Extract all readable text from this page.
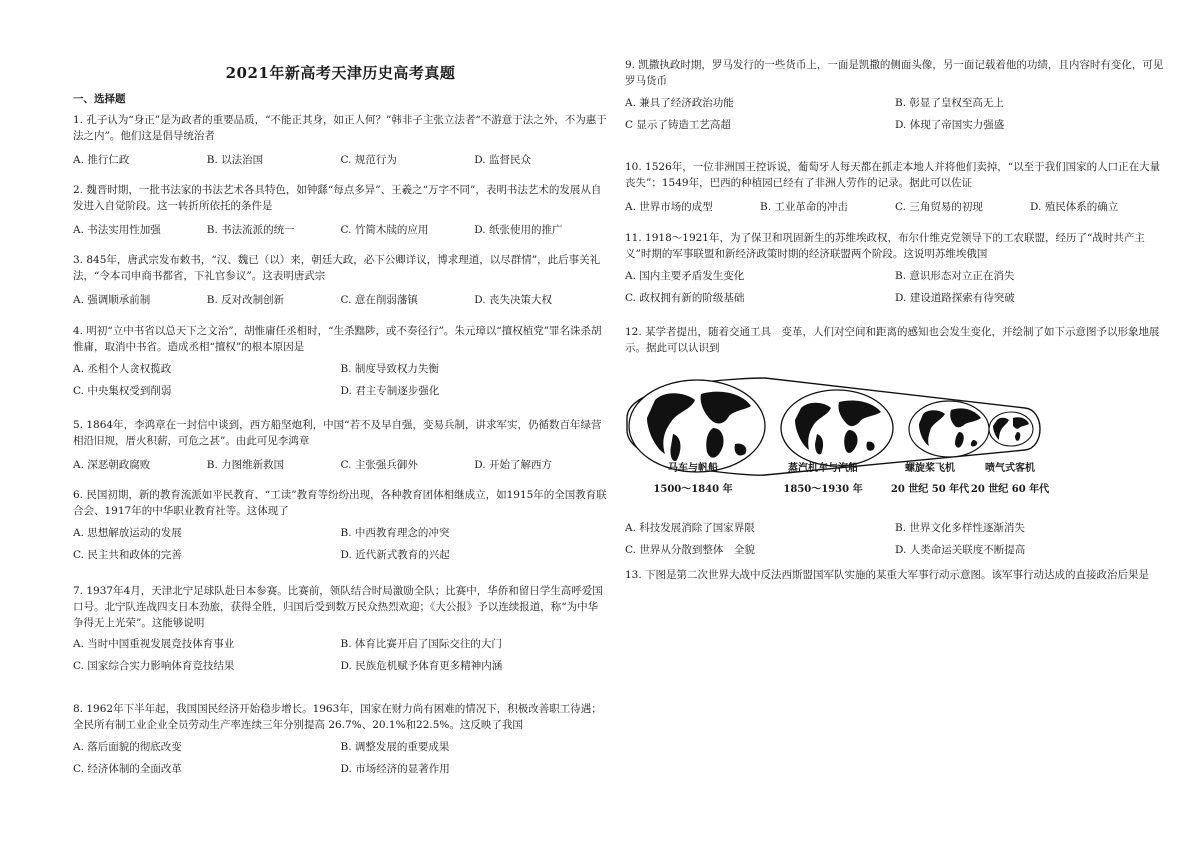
2021年新高考天津历史高考真题
一、选择题
1. 孔子认为“身正”是为政者的重要品质，“不能正其身，如正人何？”韩非子主张立法者“不游意于法之外，不为惠于法之内”。他们这是倡导统治者
A. 推行仁政	B. 以法治国	C. 规范行为	D. 监督民众
2. 魏晋时期，一批书法家的书法艺术各具特色，如钟繇“每点多异”、王羲之“万字不同”，表明书法艺术的发展从自发进入自觉阶段。这一转折所依托的条件是
A. 书法实用性加强	B. 书法流派的统一	C. 竹简木牍的应用	D. 纸张使用的推广
3. 845年，唐武宗发布敕书，“汉、魏已（以）来，朝廷大政，必下公卿详议，博求理道，以尽群情”，此后事关礼法，“令本司申商书都省，下礼官参议”。这表明唐武宗
A. 强调顺承前制	B. 反对改制创新	C. 意在削弱藩镇	D. 丧失决策大权
4. 明初“立中书省以总天下之文治”，胡惟庸任丞相时，“生杀黜陟，或不奏径行”。朱元璋以“擅权植党”罪名诛杀胡惟庸，取消中书省。造成丞相“擅权”的根本原因是
A. 丞相个人贪权揽政	B. 制度导致权力失衡
C. 中央集权受到削弱	D. 君主专制逐步强化
5. 1864年，李鸿章在一封信中谈到，西方船坚炮利，中国“若不及早自强，变易兵制，讲求军实，仍循数百年绿营相沿旧规，厝火积薪，可危之甚”。由此可见李鸿章
A. 深恶朝政腐败	B. 力图维新救国	C. 主张强兵御外	D. 开始了解西方
6. 民国初期，新的教育流派如平民教育、“工读”教育等纷纷出现，各种教育团体相继成立，如1915年的全国教育联合会、1917年的中华职业教育社等。这体现了
A. 思想解放运动的发展	B. 中西教育理念的冲突
C. 民主共和政体的完善	D. 近代新式教育的兴起
7. 1937年4月，天津北宁足球队赴日本参赛。比赛前，领队结合时局激励全队；比赛中，华侨和留日学生高呼爱国口号。北宁队连战四支日本劲旅，获得全胜，归国后受到数万民众热烈欢迎；《大公报》予以连续报道，称“为中华争得无上光荣”。这能够说明
A. 当时中国重视发展竞技体育事业	B. 体育比赛开启了国际交往的大门
C. 国家综合实力影响体育竞技结果	D. 民族危机赋予体育更多精神内涵
8. 1962年下半年起，我国国民经济开始稳步增长。1963年，国家在财力尚有困难的情况下，积极改善职工待遇；全民所有制工业企业全员劳动生产率连续三年分别提高 26.7%、20.1%和22.5%。这反映了我国
A. 落后面貌的彻底改变	B. 调整发展的重要成果
C. 经济体制的全面改革	D. 市场经济的显著作用
9. 凯撒执政时期，罗马发行的一些货币上，一面是凯撒的侧面头像，另一面记载着他的功绩，且内容时有变化，可见罗马货币
A. 兼具了经济政治功能	B. 彰显了皇权至高无上
C 显示了铸造工艺高超	D. 体现了帝国实力强盛
10. 1526年，一位非洲国王控诉说，葡萄牙人每天都在抓走本地人并将他们卖掉，“以至于我们国家的人口正在大量丧失”；1549年，巴西的种植园已经有了非洲人劳作的记录。据此可以佐证
A. 世界市场的成型	B. 工业革命的冲击	C. 三角贸易的初现	D. 殖民体系的确立
11. 1918～1921年，为了保卫和巩固新生的苏维埃政权，布尔什维克党领导下的工农联盟，经历了“战时共产主义”时期的军事联盟和新经济政策时期的经济联盟两个阶段。这说明苏维埃俄国
A. 国内主要矛盾发生变化	B. 意识形态对立正在消失
C. 政权拥有新的阶级基础	D. 建设道路探索有待突破
12. 某学者提出，随着交通工具　变革，人们对空间和距离的感知也会发生变化，并绘制了如下示意图予以形象地展示。据此可以认识到
马车与帆船
1500～1840 年
蒸汽机车与汽船
1850～1930 年
螺旋桨飞机
20 世纪 50 年代
喷气式客机
20 世纪 60 年代
A. 科技发展消除了国家界限	B. 世界文化多样性逐渐消失
C. 世界从分散到整体　全貌	D. 人类命运关联度不断提高
13. 下图是第二次世界大战中反法西斯盟国军队实施的某重大军事行动示意图。该军事行动达成的直接政治后果是
